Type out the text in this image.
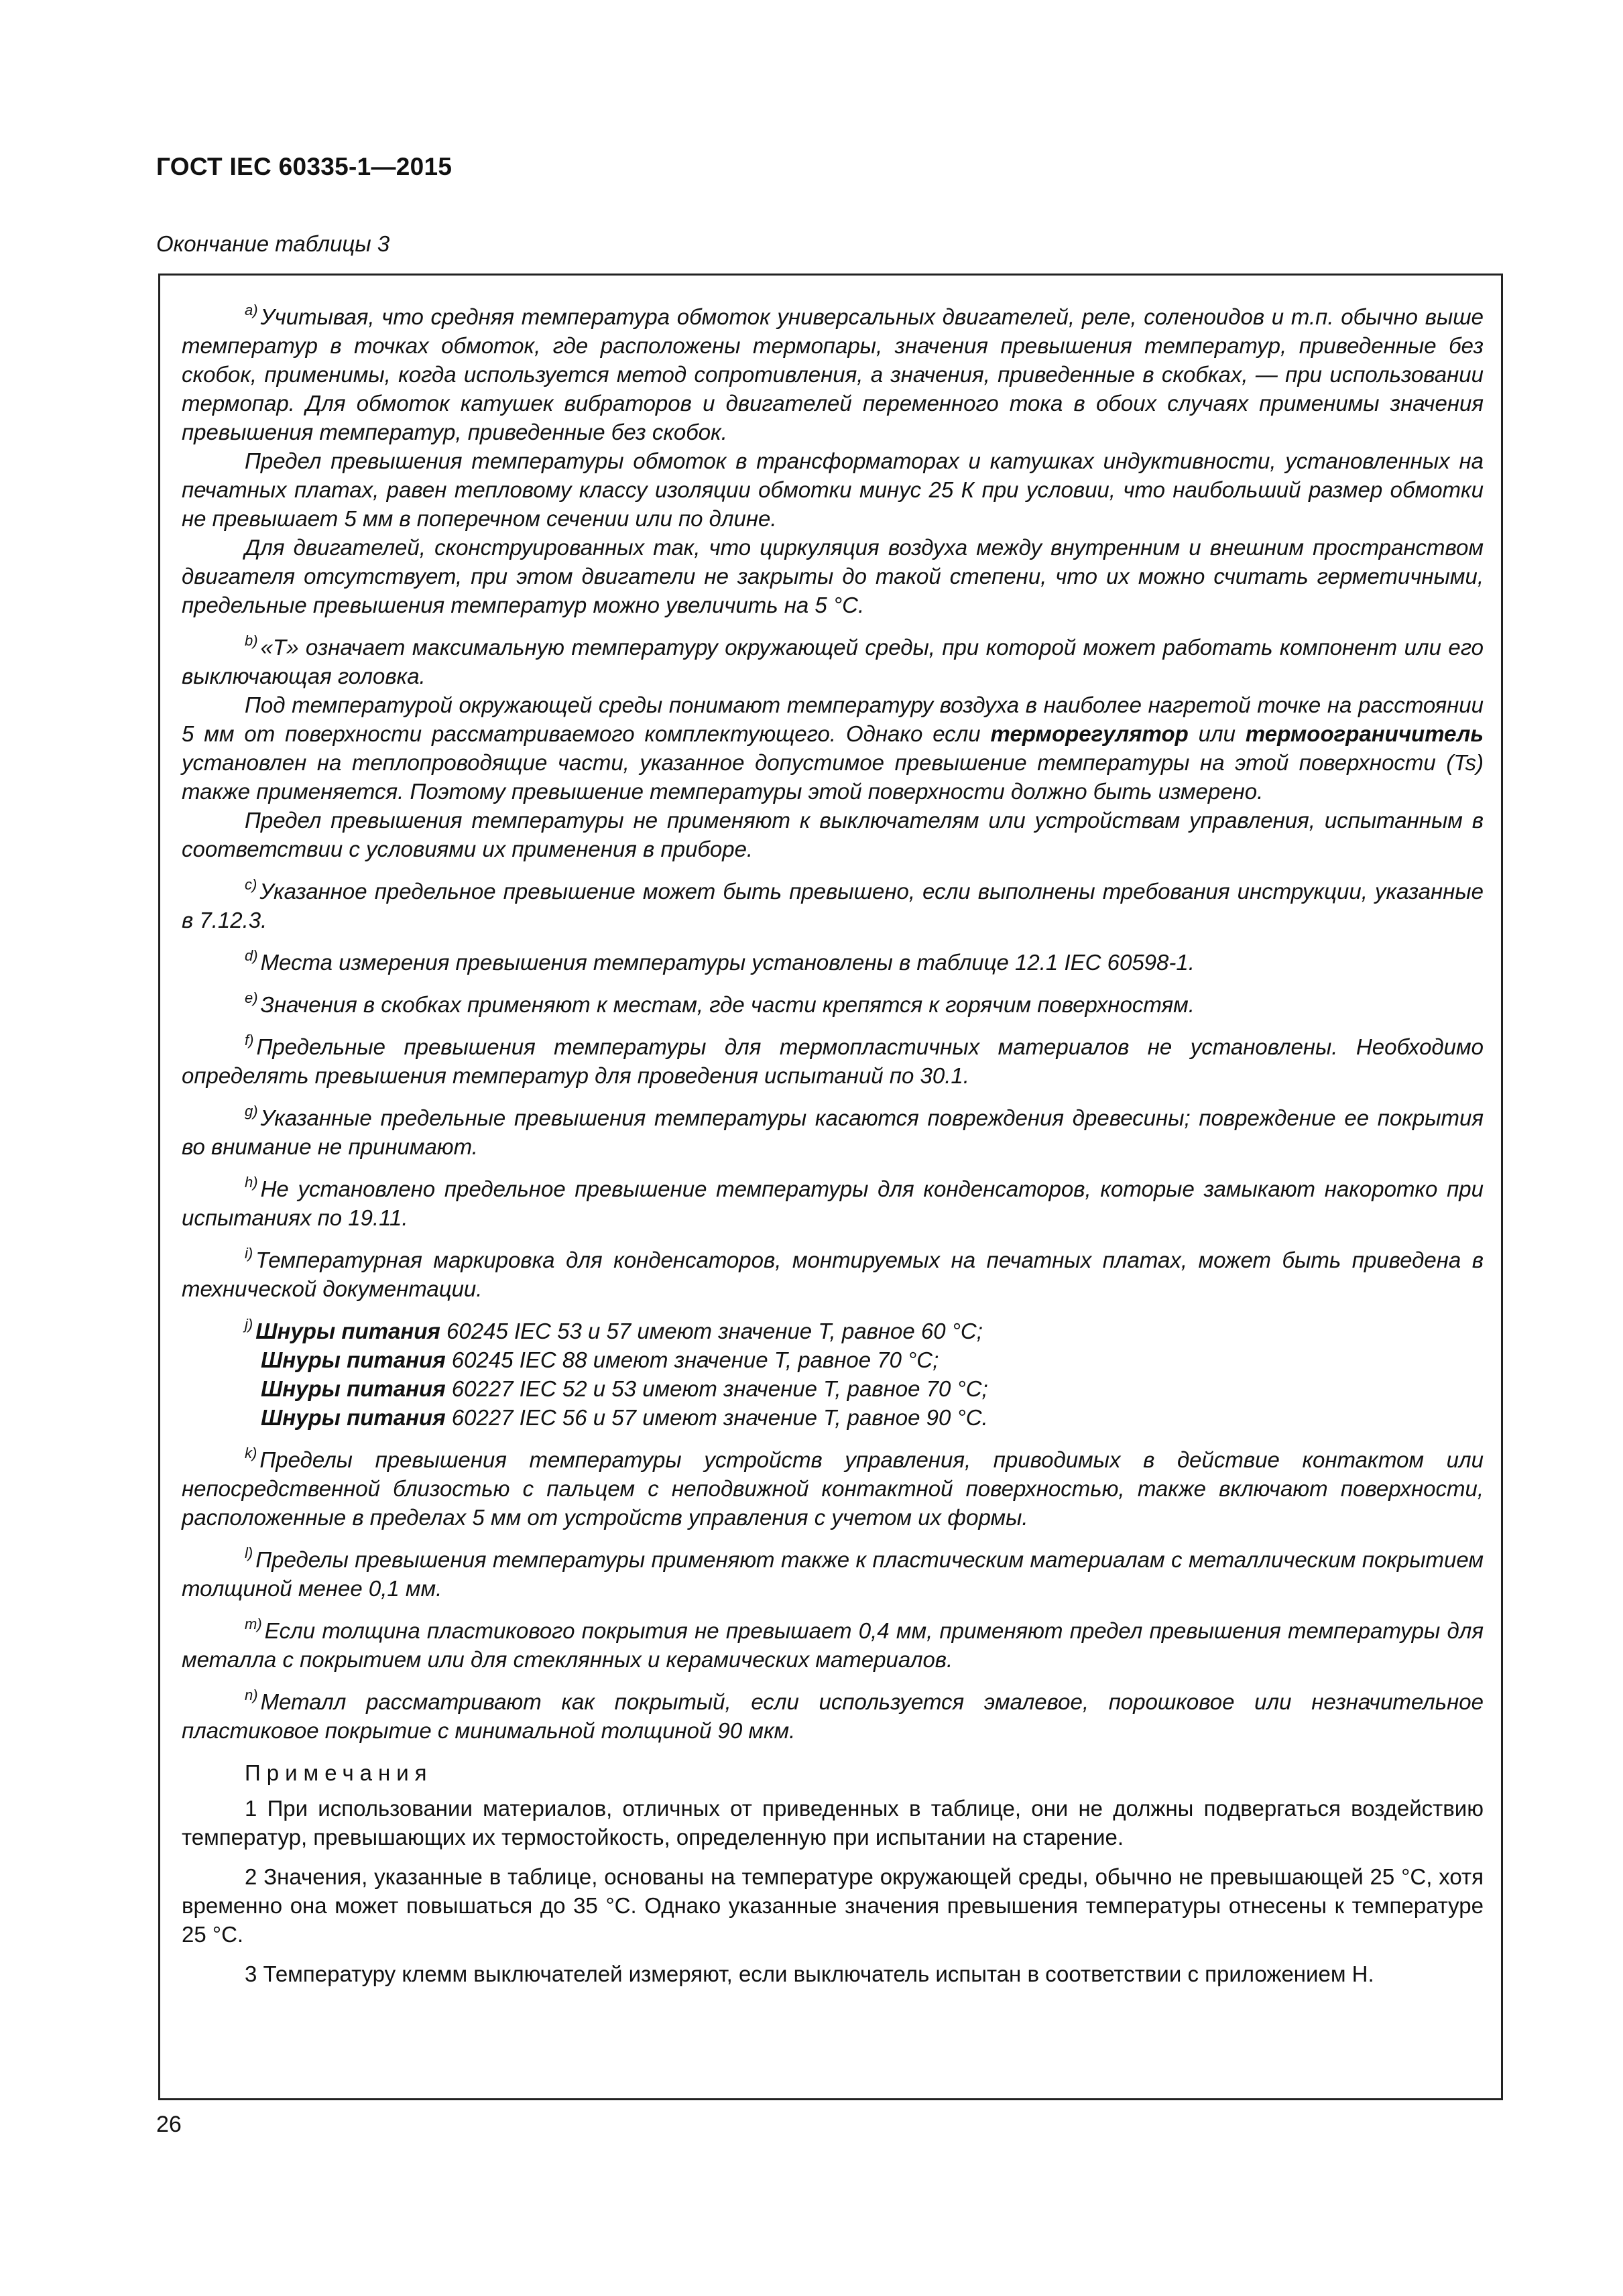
ГОСТ IEC 60335-1—2015
Окончание таблицы 3

$^{a)}$ Учитывая, что средняя температура обмоток универсальных двигателей, реле, соленоидов и т.п. обычно выше температур в точках обмоток, где расположены термопары, значения превышения температур, приведенные без скобок, применимы, когда используется метод сопротивления, а значения, приведенные в скобках, — при использовании термопар. Для обмоток катушек вибраторов и двигателей переменного тока в обоих случаях применимы значения превышения температур, приведенные без скобок.

Предел превышения температуры обмоток в трансформаторах и катушках индуктивности, установленных на печатных платах, равен тепловому классу изоляции обмотки минус 25 К при условии, что наибольший размер обмотки не превышает 5 мм в поперечном сечении или по длине.

Для двигателей, сконструированных так, что циркуляция воздуха между внутренним и внешним пространством двигателя отсутствует, при этом двигатели не закрыты до такой степени, что их можно считать герметичными, предельные превышения температур можно увеличить на 5 °С.

$^{b)}$ «Т» означает максимальную температуру окружающей среды, при которой может работать компонент или его выключающая головка.

Под температурой окружающей среды понимают температуру воздуха в наиболее нагретой точке на расстоянии 5 мм от поверхности рассматриваемого комплектующего. Однако если терморегулятор или термоограничитель установлен на теплопроводящие части, указанное допустимое превышение температуры на этой поверхности (Ts) также применяется. Поэтому превышение температуры этой поверхности должно быть измерено.

Предел превышения температуры не применяют к выключателям или устройствам управления, испытанным в соответствии с условиями их применения в приборе.

$^{c)}$ Указанное предельное превышение может быть превышено, если выполнены требования инструкции, указанные в 7.12.3.

$^{d)}$ Места измерения превышения температуры установлены в таблице 12.1 IEC 60598-1.

$^{e)}$ Значения в скобках применяют к местам, где части крепятся к горячим поверхностям.

$^{f)}$ Предельные превышения температуры для термопластичных материалов не установлены. Необходимо определять превышения температур для проведения испытаний по 30.1.

$^{g)}$ Указанные предельные превышения температуры касаются повреждения древесины; повреждение ее покрытия во внимание не принимают.

$^{h)}$ Не установлено предельное превышение температуры для конденсаторов, которые замыкают накоротко при испытаниях по 19.11.

$^{i)}$ Температурная маркировка для конденсаторов, монтируемых на печатных платах, может быть приведена в технической документации.

$^{j)}$ Шнуры питания 60245 IEC 53 и 57 имеют значение Т, равное 60 °С;
Шнуры питания 60245 IEC 88 имеют значение Т, равное 70 °С;
Шнуры питания 60227 IEC 52 и 53 имеют значение Т, равное 70 °С;
Шнуры питания 60227 IEC 56 и 57 имеют значение Т, равное 90 °С.

$^{k)}$ Пределы превышения температуры устройств управления, приводимых в действие контактом или непосредственной близостью с пальцем с неподвижной контактной поверхностью, также включают поверхности, расположенные в пределах 5 мм от устройств управления с учетом их формы.

$^{l)}$ Пределы превышения температуры применяют также к пластическим материалам с металлическим покрытием толщиной менее 0,1 мм.

$^{m)}$ Если толщина пластикового покрытия не превышает 0,4 мм, применяют предел превышения температуры для металла с покрытием или для стеклянных и керамических материалов.

$^{n)}$ Металл рассматривают как покрытый, если используется эмалевое, порошковое или незначительное пластиковое покрытие с минимальной толщиной 90 мкм.

Примечания

1 При использовании материалов, отличных от приведенных в таблице, они не должны подвергаться воздействию температур, превышающих их термостойкость, определенную при испытании на старение.

2 Значения, указанные в таблице, основаны на температуре окружающей среды, обычно не превышающей 25 °С, хотя временно она может повышаться до 35 °С. Однако указанные значения превышения температуры отнесены к температуре 25 °С.

3 Температуру клемм выключателей измеряют, если выключатель испытан в соответствии с приложением Н.

26
